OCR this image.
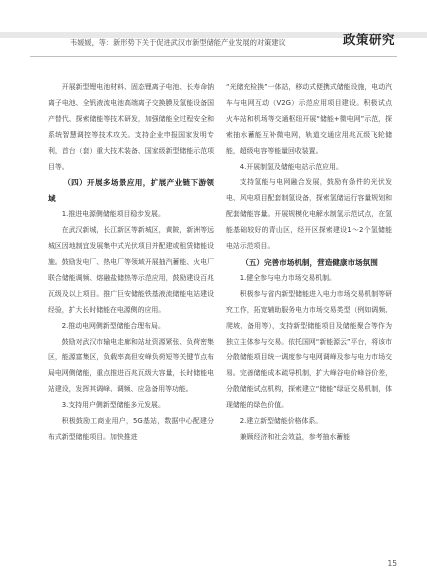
韦媛媛，等：新形势下关于促进武汉市新型储能产业发展的对策建议	政策研究

开展新型锂电池材料、固态锂离子电池、长寿命钠离子电池、全钒液流电池高端离子交换膜及氢能设备国产替代、探索储能等技术研发，加强储能全过程安全和系统智慧调控等技术攻关。支持企业申报国家发明专利，首台（套）重大技术装备、国家级新型储能示范项目等。

（四）开展多场景应用，扩展产业链下游领域

1.推进电源侧储能项目稳步发展。

在武汉新城，长江新区等新城区，黄陂，新洲等远城区因地制宜发展集中式光伏项目并配建或租赁储能设施。鼓励发电厂、热电厂等领域开展抽汽蓄能、火电厂联合储能调频、熔融盐储热等示范应用，鼓励建设百兆瓦级及以上项目。推广巨安储能铁基液流储能电站建设经验，扩大长时储能在电源侧的应用。

2.推动电网侧新型储能合理布局。

鼓励对武汉市输电走廊和站址资源紧张、负荷密集区，能源富集区，负载率高但安峰负荷短等关键节点布局电网侧储能，重点推进百兆瓦级大容量，长时储能电站建设，发挥其调峰、调频、应急备用等功能。

3.支持用户侧新型储能多元发展。

积极鼓励工商业用户，5G基站，数据中心配建分布式新型储能项目。加快推进

“光储充检换”一体站，移动式便携式储能设施，电动汽车与电网互动（V2G）示范应用项目建设。积极试点火车站和机场等交通枢纽开展“储能+微电网”示范，探索抽水蓄能互补微电网，轨道交通应用兆瓦级飞轮储能，超级电容等能量回收装置。

4.开展制氢及储能电站示范应用。

支持氢能与电网融合发展，鼓励有条件的光伏发电、风电项目配套制氢设备，探索氢储运行容量规划和配套储能容量。开展规模化电解水制氢示范试点，在氢能基础较好的青山区，经开区探索建设1～2个氢储能电站示范项目。

（五）完善市场机制，营造健康市场氛围

1.健全参与电力市场交易机制。

积极参与省内新型储能进入电力市场交易机制等研究工作，拓宽辅助服务电力市场交易类型（例如调频、爬坡、备用等），支持新型储能项目及储能聚合等作为独立主体参与交易。依托国网“新能源云”平台，将该市分散储能项目统一调度参与电网调峰及参与电力市场交易。完善储能成本疏导机制，扩大峰谷电价峰谷价差，分散储能试点机构，探索建立“储能”绿证交易机制，体现储能的绿色价值。

2.建立新型储能价格体系。

兼顾经济和社会效益，参考抽水蓄能

15
